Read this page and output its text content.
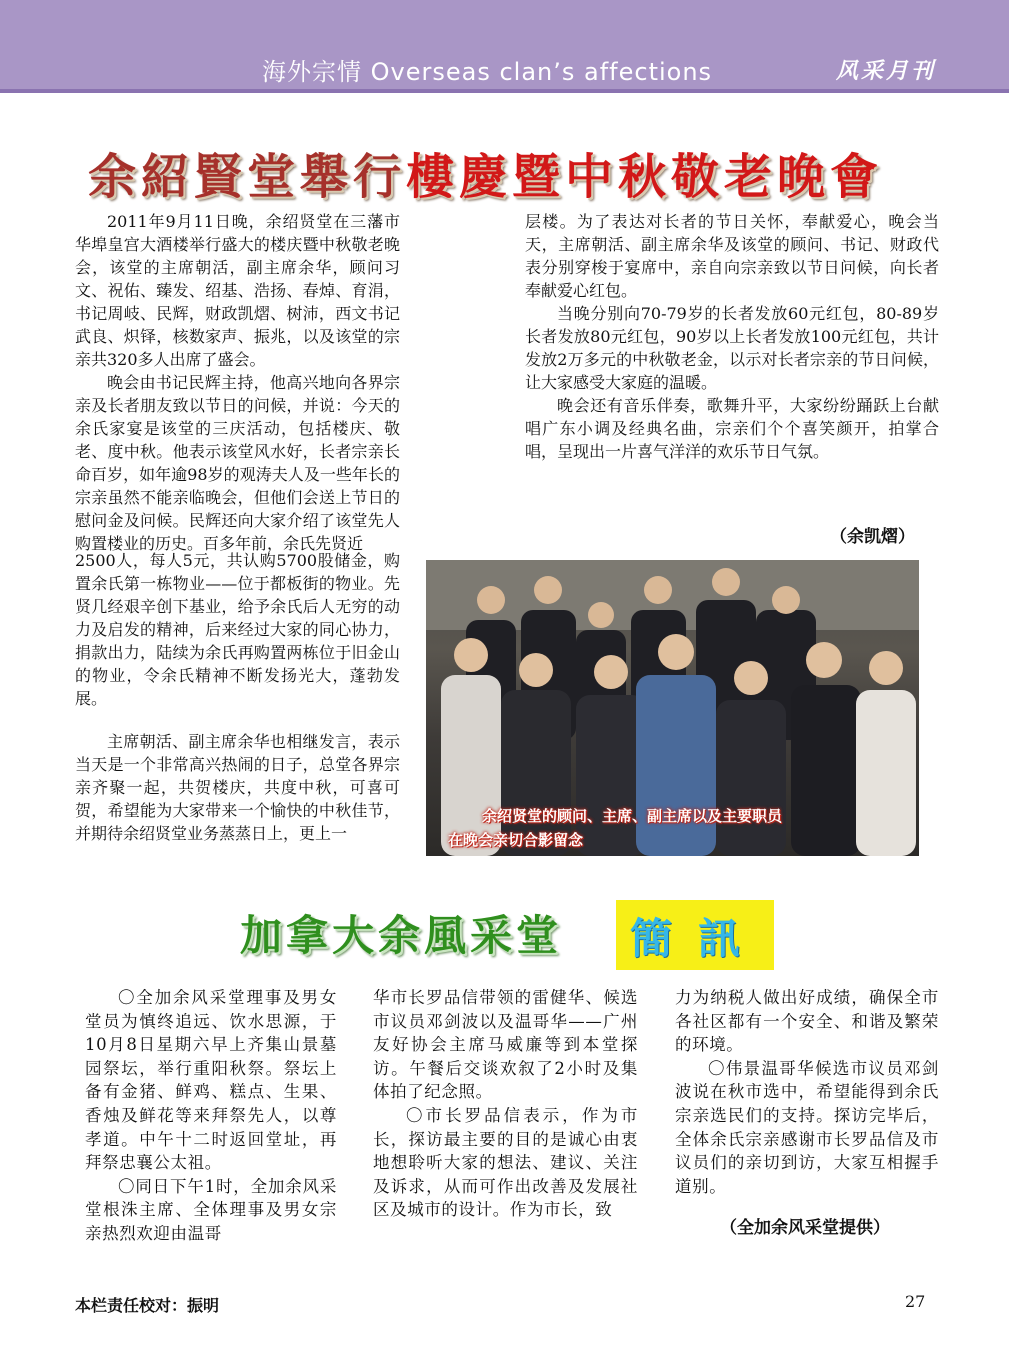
海外宗情 Overseas clan’s affections	风采月刊
余紹賢堂舉行樓慶暨中秋敬老晚會

2011年9月11日晚，余绍贤堂在三藩市华埠皇宫大酒楼举行盛大的楼庆暨中秋敬老晚会，该堂的主席朝活，副主席余华，顾问习文、祝佑、臻发、绍基、浩扬、春焯、育涓，书记周岐、民辉，财政凯熠、树沛，西文书记武良、炽铎，核数家声、振兆，以及该堂的宗亲共320多人出席了盛会。

晚会由书记民辉主持，他高兴地向各界宗亲及长者朋友致以节日的问候，并说：今天的余氏家宴是该堂的三庆活动，包括楼庆、敬老、度中秋。他表示该堂风水好，长者宗亲长命百岁，如年逾98岁的观涛夫人及一些年长的宗亲虽然不能亲临晚会，但他们会送上节日的慰问金及问候。民辉还向大家介绍了该堂先人购置楼业的历史。百多年前，余氏先贤近

2500人，每人5元，共认购5700股储金，购置余氏第一栋物业——位于都板街的物业。先贤几经艰辛创下基业，给予余氏后人无穷的动力及启发的精神，后来经过大家的同心协力，捐款出力，陆续为余氏再购置两栋位于旧金山的物业，令余氏精神不断发扬光大，蓬勃发展。

层楼。为了表达对长者的节日关怀，奉献爱心，晚会当天，主席朝活、副主席余华及该堂的顾问、书记、财政代表分别穿梭于宴席中，亲自向宗亲致以节日问候，向长者奉献爱心红包。

当晚分别向70-79岁的长者发放60元红包，80-89岁长者发放80元红包，90岁以上长者发放100元红包，共计发放2万多元的中秋敬老金，以示对长者宗亲的节日问候，让大家感受大家庭的温暖。

晚会还有音乐伴奏，歌舞升平，大家纷纷踊跃上台献唱广东小调及经典名曲，宗亲们个个喜笑颜开，拍掌合唱，呈现出一片喜气洋洋的欢乐节日气氛。

（余凯熠）
余绍贤堂的顾问、主席、副主席以及主要职员
在晚会亲切合影留念

主席朝活、副主席余华也相继发言，表示当天是一个非常高兴热闹的日子，总堂各界宗亲齐聚一起，共贺楼庆，共度中秋，可喜可贺，希望能为大家带来一个愉快的中秋佳节，并期待余绍贤堂业务蒸蒸日上，更上一

加拿大余風采堂 簡訊

〇全加余风采堂理事及男女堂员为慎终追远、饮水思源，于10月8日星期六早上齐集山景墓园祭坛，举行重阳秋祭。祭坛上备有金猪、鲜鸡、糕点、生果、香烛及鲜花等来拜祭先人，以尊孝道。中午十二时返回堂址，再拜祭忠襄公太祖。

〇同日下午1时，全加余风采堂根洙主席、全体理事及男女宗亲热烈欢迎由温哥

华市长罗品信带领的雷健华、候选市议员邓剑波以及温哥华——广州友好协会主席马威廉等到本堂探访。午餐后交谈欢叙了2小时及集体拍了纪念照。

〇市长罗品信表示，作为市长，探访最主要的目的是诚心由衷地想聆听大家的想法、建议、关注及诉求，从而可作出改善及发展社区及城市的设计。作为市长，致

力为纳税人做出好成绩，确保全市各社区都有一个安全、和谐及繁荣的环境。

〇伟景温哥华候选市议员邓剑波说在秋市选中，希望能得到余氏宗亲选民们的支持。探访完毕后，全体余氏宗亲感谢市长罗品信及市议员们的亲切到访，大家互相握手道别。

（全加余风采堂提供）
本栏责任校对：振明	27
